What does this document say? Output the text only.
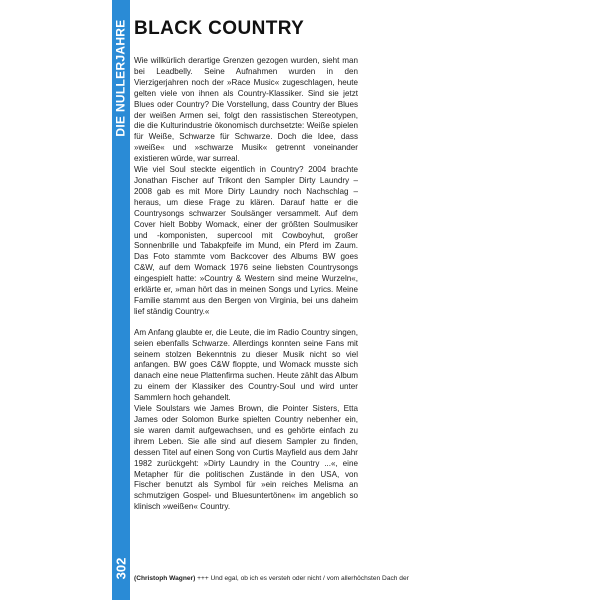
DIE NULLERJAHRE
302
BLACK COUNTRY

Wie willkürlich derartige Grenzen gezogen wurden, sieht man bei Leadbelly. Seine Aufnahmen wurden in den Vierzigerjahren noch der »Race Music« zugeschlagen, heute gelten viele von ihnen als Country-Klassiker. Sind sie jetzt Blues oder Country? Die Vorstellung, dass Country der Blues der weißen Armen sei, folgt den rassistischen Stereotypen, die die Kulturindustrie ökonomisch durchsetzte: Weiße spielen für Weiße, Schwarze für Schwarze. Doch die Idee, dass »weiße« und »schwarze Musik« getrennt voneinander existieren würde, war surreal.

Wie viel Soul steckte eigentlich in Country? 2004 brachte Jonathan Fischer auf Trikont den Sampler Dirty Laundry – 2008 gab es mit More Dirty Laundry noch Nachschlag – heraus, um diese Frage zu klären. Darauf hatte er die Countrysongs schwarzer Soulsänger versammelt. Auf dem Cover hielt Bobby Womack, einer der größten Soulmusiker und -komponisten, supercool mit Cowboyhut, großer Sonnenbrille und Tabakpfeife im Mund, ein Pferd im Zaum. Das Foto stammte vom Backcover des Albums BW goes C&W, auf dem Womack 1976 seine liebsten Countrysongs eingespielt hatte: »Country & Western sind meine Wurzeln«, erklärte er, »man hört das in meinen Songs und Lyrics. Meine Familie stammt aus den Bergen von Virginia, bei uns daheim lief ständig Country.«

Am Anfang glaubte er, die Leute, die im Radio Country singen, seien ebenfalls Schwarze. Allerdings konnten seine Fans mit seinem stolzen Bekenntnis zu dieser Musik nicht so viel anfangen. BW goes C&W floppte, und Womack musste sich danach eine neue Plattenfirma suchen. Heute zählt das Album zu einem der Klassiker des Country-Soul und wird unter Sammlern hoch gehandelt.

Viele Soulstars wie James Brown, die Pointer Sisters, Etta James oder Solomon Burke spielten Country nebenher ein, sie waren damit aufgewachsen, und es gehörte einfach zu ihrem Leben. Sie alle sind auf diesem Sampler zu finden, dessen Titel auf einen Song von Curtis Mayfield aus dem Jahr 1982 zurückgeht: »Dirty Laundry in the Country ...«, eine Metapher für die politischen Zustände in den USA, von Fischer benutzt als Symbol für »ein reiches Melisma an schmutzigen Gospel- und Bluesuntertönen« im angeblich so klinisch »weißen« Country.

(Christoph Wagner) +++ Und egal, ob ich es versteh oder nicht / vom allerhöchsten Dach der
